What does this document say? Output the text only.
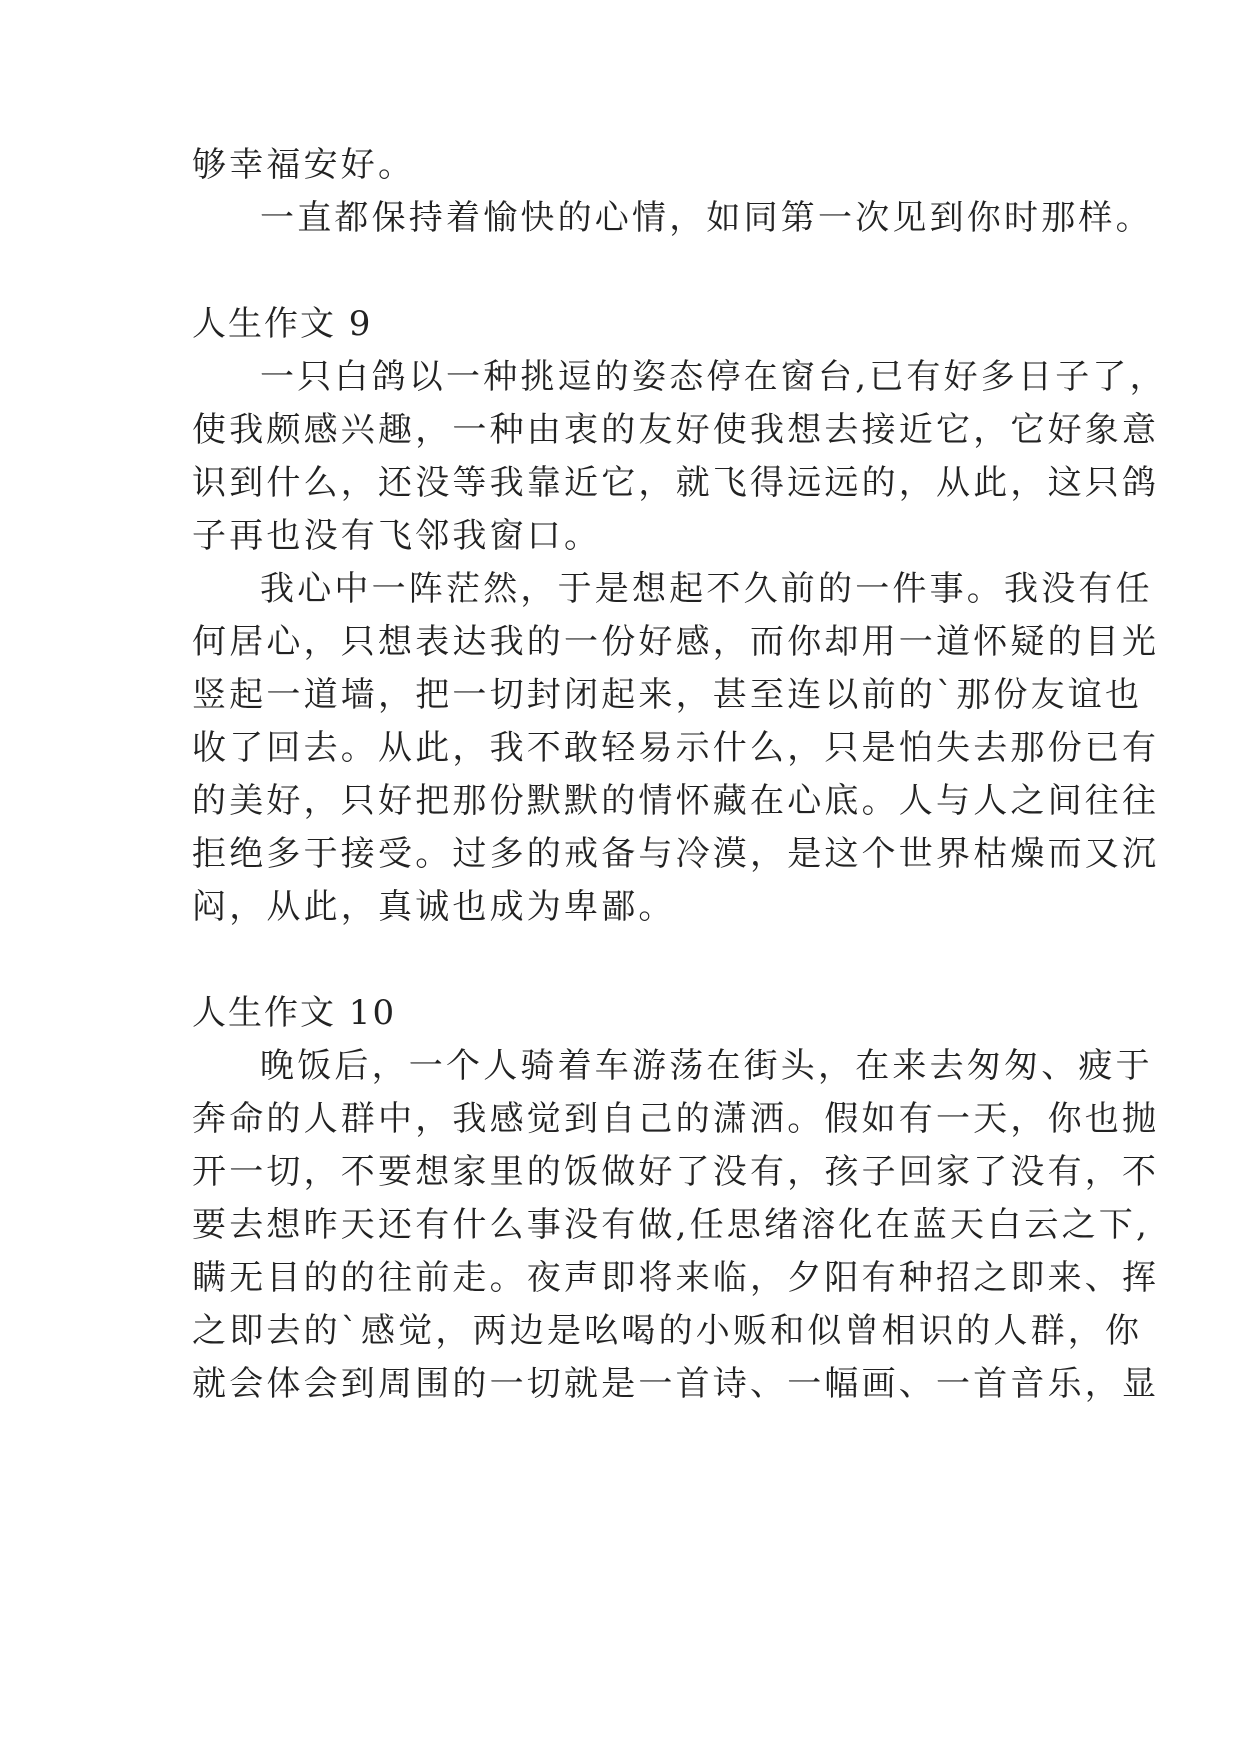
够幸福安好。
一直都保持着愉快的心情，如同第一次见到你时那样。
人生作文 9
一只白鸽以一种挑逗的姿态停在窗台,已有好多日子了，
使我颇感兴趣，一种由衷的友好使我想去接近它，它好象意
识到什么，还没等我靠近它，就飞得远远的，从此，这只鸽
子再也没有飞邻我窗口。
我心中一阵茫然，于是想起不久前的一件事。我没有任
何居心，只想表达我的一份好感，而你却用一道怀疑的目光
竖起一道墙，把一切封闭起来，甚至连以前的`那份友谊也
收了回去。从此，我不敢轻易示什么，只是怕失去那份已有
的美好，只好把那份默默的情怀藏在心底。人与人之间往往
拒绝多于接受。过多的戒备与冷漠，是这个世界枯燥而又沉
闷，从此，真诚也成为卑鄙。
人生作文 10
晚饭后，一个人骑着车游荡在街头，在来去匆匆、疲于
奔命的人群中，我感觉到自己的潇洒。假如有一天，你也抛
开一切，不要想家里的饭做好了没有，孩子回家了没有，不
要去想昨天还有什么事没有做,任思绪溶化在蓝天白云之下,
瞒无目的的往前走。夜声即将来临，夕阳有种招之即来、挥
之即去的`感觉，两边是吆喝的小贩和似曾相识的人群，你
就会体会到周围的一切就是一首诗、一幅画、一首音乐，显
